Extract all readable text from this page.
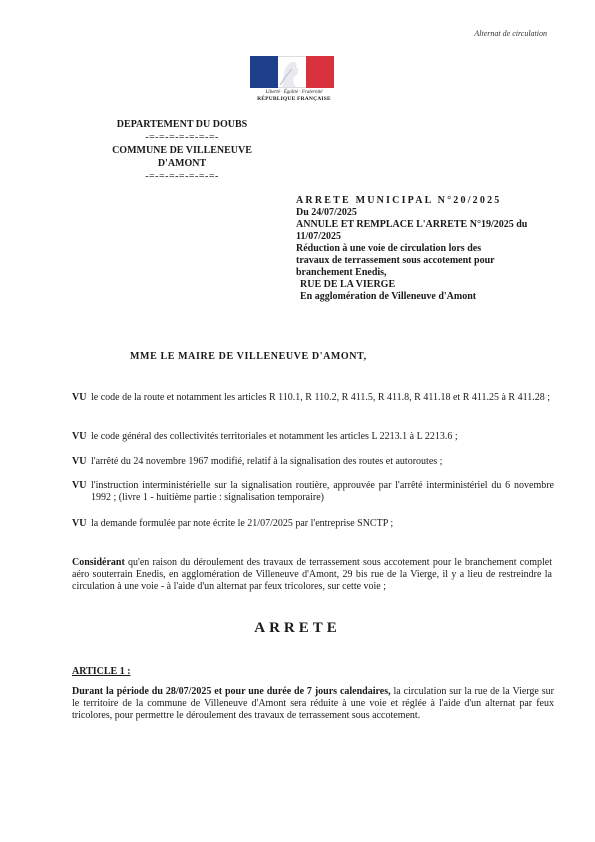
Alternat de circulation
Liberté · Égalité · Fraternité
RÉPUBLIQUE FRANÇAISE
DEPARTEMENT DU DOUBS
-=-=-=-=-=-=-=-
COMMUNE DE VILLENEUVE
D'AMONT
-=-=-=-=-=-=-=-
ARRETE MUNICIPAL N°20/2025
Du 24/07/2025
ANNULE ET REMPLACE L'ARRETE N°19/2025 du
11/07/2025
Réduction à une voie de circulation lors des
travaux de terrassement sous accotement pour
branchement Enedis,
RUE DE LA VIERGE
En agglomération de Villeneuve d'Amont
MME LE MAIRE DE VILLENEUVE D'AMONT,
VU le code de la route et notamment les articles R 110.1, R 110.2, R 411.5, R 411.8, R 411.18 et R 411.25 à R 411.28 ;
VU le code général des collectivités territoriales et notamment les articles L 2213.1 à L 2213.6 ;
VU l'arrêté du 24 novembre 1967 modifié, relatif à la signalisation des routes et autoroutes ;
VU l'instruction interministérielle sur la signalisation routière, approuvée par l'arrêté interministériel du 6 novembre 1992 ; (livre 1 - huitième partie : signalisation temporaire)
VU la demande formulée par note écrite le 21/07/2025 par l'entreprise SNCTP ;
Considérant qu'en raison du déroulement des travaux de terrassement sous accotement pour le branchement complet aéro souterrain Enedis, en agglomération de Villeneuve d'Amont, 29 bis rue de la Vierge, il y a lieu de restreindre la circulation à une voie - à l'aide d'un alternat par feux tricolores, sur cette voie ;
ARRETE
ARTICLE 1 :
Durant la période du 28/07/2025 et pour une durée de 7 jours calendaires, la circulation sur la rue de la Vierge sur le territoire de la commune de Villeneuve d'Amont sera réduite à une voie et réglée à l'aide d'un alternat par feux tricolores, pour permettre le déroulement des travaux de terrassement sous accotement.
